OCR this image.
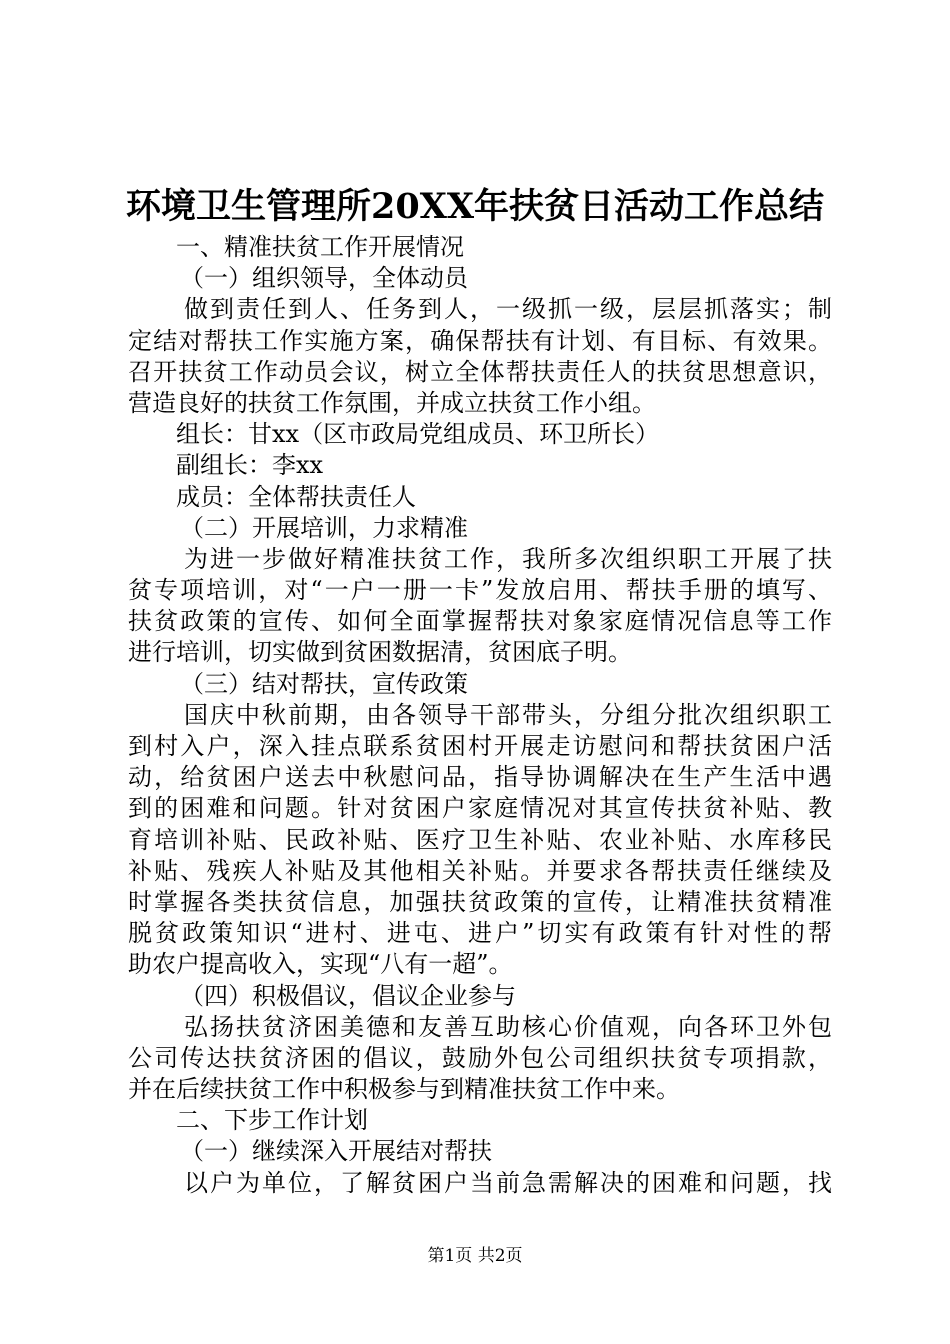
环境卫生管理所20XX年扶贫日活动工作总结
一、精准扶贫工作开展情况
（一）组织领导，全体动员
做到责任到人、任务到人，一级抓一级，层层抓落实；制
定结对帮扶工作实施方案，确保帮扶有计划、有目标、有效果。
召开扶贫工作动员会议，树立全体帮扶责任人的扶贫思想意识，
营造良好的扶贫工作氛围，并成立扶贫工作小组。
组长：甘xx（区市政局党组成员、环卫所长）
副组长：李xx
成员：全体帮扶责任人
（二）开展培训，力求精准
为进一步做好精准扶贫工作，我所多次组织职工开展了扶
贫专项培训，对“一户一册一卡”发放启用、帮扶手册的填写、
扶贫政策的宣传、如何全面掌握帮扶对象家庭情况信息等工作
进行培训，切实做到贫困数据清，贫困底子明。
（三）结对帮扶，宣传政策
国庆中秋前期，由各领导干部带头，分组分批次组织职工
到村入户，深入挂点联系贫困村开展走访慰问和帮扶贫困户活
动，给贫困户送去中秋慰问品，指导协调解决在生产生活中遇
到的困难和问题。针对贫困户家庭情况对其宣传扶贫补贴、教
育培训补贴、民政补贴、医疗卫生补贴、农业补贴、水库移民
补贴、残疾人补贴及其他相关补贴。并要求各帮扶责任继续及
时掌握各类扶贫信息，加强扶贫政策的宣传，让精准扶贫精准
脱贫政策知识“进村、进屯、进户”切实有政策有针对性的帮
助农户提高收入，实现“八有一超”。
（四）积极倡议，倡议企业参与
弘扬扶贫济困美德和友善互助核心价值观，向各环卫外包
公司传达扶贫济困的倡议，鼓励外包公司组织扶贫专项捐款，
并在后续扶贫工作中积极参与到精准扶贫工作中来。
二、下步工作计划
（一）继续深入开展结对帮扶
以户为单位，了解贫困户当前急需解决的困难和问题，找
第1页 共2页
